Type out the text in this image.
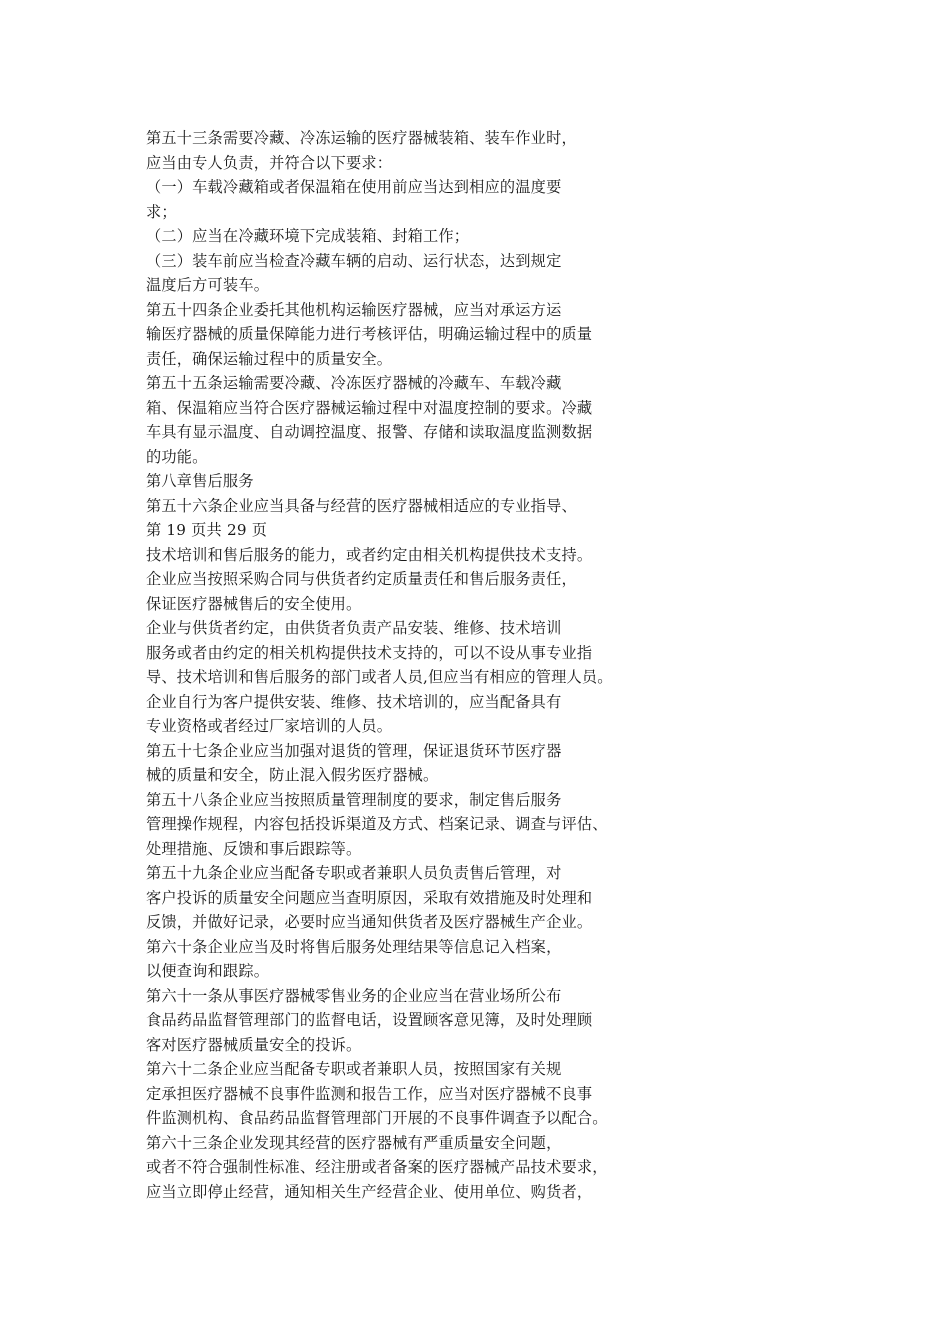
第五十三条需要冷藏、冷冻运输的医疗器械装箱、装车作业时，
应当由专人负责，并符合以下要求：
（一）车载冷藏箱或者保温箱在使用前应当达到相应的温度要
求；
（二）应当在冷藏环境下完成装箱、封箱工作；
（三）装车前应当检查冷藏车辆的启动、运行状态，达到规定
温度后方可装车。
第五十四条企业委托其他机构运输医疗器械，应当对承运方运
输医疗器械的质量保障能力进行考核评估，明确运输过程中的质量
责任，确保运输过程中的质量安全。
第五十五条运输需要冷藏、冷冻医疗器械的冷藏车、车载冷藏
箱、保温箱应当符合医疗器械运输过程中对温度控制的要求。冷藏
车具有显示温度、自动调控温度、报警、存储和读取温度监测数据
的功能。
第八章售后服务
第五十六条企业应当具备与经营的医疗器械相适应的专业指导、
第 19 页共 29 页
技术培训和售后服务的能力，或者约定由相关机构提供技术支持。
企业应当按照采购合同与供货者约定质量责任和售后服务责任，
保证医疗器械售后的安全使用。
企业与供货者约定，由供货者负责产品安装、维修、技术培训
服务或者由约定的相关机构提供技术支持的，可以不设从事专业指
导、技术培训和售后服务的部门或者人员,但应当有相应的管理人员。
企业自行为客户提供安装、维修、技术培训的，应当配备具有
专业资格或者经过厂家培训的人员。
第五十七条企业应当加强对退货的管理，保证退货环节医疗器
械的质量和安全，防止混入假劣医疗器械。
第五十八条企业应当按照质量管理制度的要求，制定售后服务
管理操作规程，内容包括投诉渠道及方式、档案记录、调查与评估、
处理措施、反馈和事后跟踪等。
第五十九条企业应当配备专职或者兼职人员负责售后管理，对
客户投诉的质量安全问题应当查明原因，采取有效措施及时处理和
反馈，并做好记录，必要时应当通知供货者及医疗器械生产企业。
第六十条企业应当及时将售后服务处理结果等信息记入档案，
以便查询和跟踪。
第六十一条从事医疗器械零售业务的企业应当在营业场所公布
食品药品监督管理部门的监督电话，设置顾客意见簿，及时处理顾
客对医疗器械质量安全的投诉。
第六十二条企业应当配备专职或者兼职人员，按照国家有关规
定承担医疗器械不良事件监测和报告工作，应当对医疗器械不良事
件监测机构、食品药品监督管理部门开展的不良事件调查予以配合。
第六十三条企业发现其经营的医疗器械有严重质量安全问题，
或者不符合强制性标准、经注册或者备案的医疗器械产品技术要求，
应当立即停止经营，通知相关生产经营企业、使用单位、购货者，
